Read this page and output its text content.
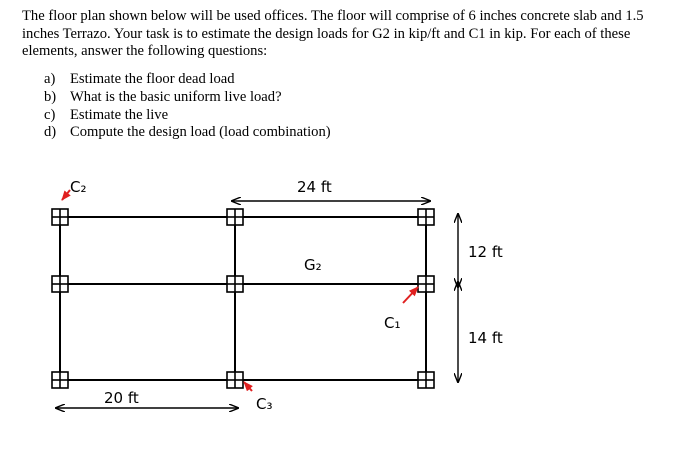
The floor plan shown below will be used offices. The floor will comprise of 6 inches concrete slab and 1.5 inches Terrazo. Your task is to estimate the design loads for G2 in kip/ft and C1 in kip. For each of these elements, answer the following questions:

a) Estimate the floor dead load
b) What is the basic uniform live load?
c) Estimate the live
d) Compute the design load (load combination)
C₂	24 ft
G₂
C₁
12 ft
14 ft
20 ft	C₃
